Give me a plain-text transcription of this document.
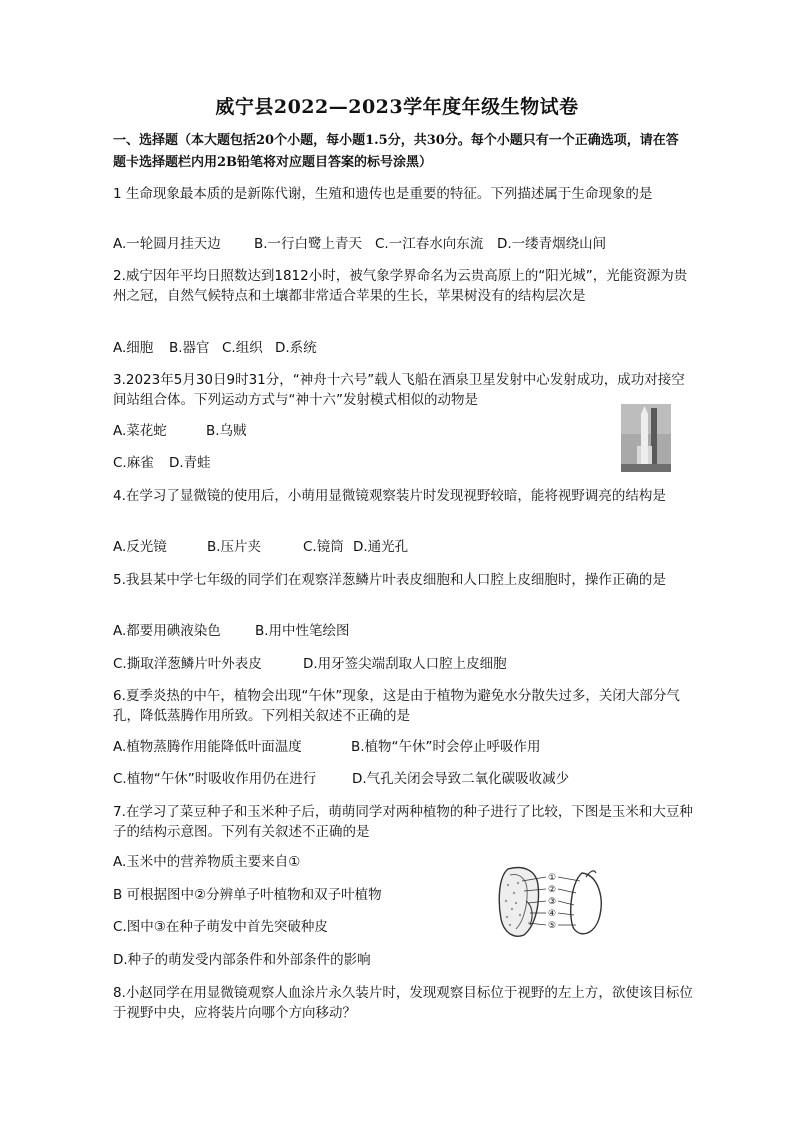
威宁县2022—2023学年度年级生物试卷
一、选择题（本大题包括20个小题，每小题1.5分，共30分。每个小题只有一个正确选项，请在答题卡选择题栏内用2B铅笔将对应题目答案的标号涂黑）
1 生命现象最本质的是新陈代谢，生殖和遗传也是重要的特征。下列描述属于生命现象的是
A.一轮圆月挂天边 B.一行白鹭上青天 C.一江春水向东流 D.一缕青烟绕山间
2.威宁因年平均日照数达到1812小时，被气象学界命名为云贵高原上的“阳光城”，光能资源为贵州之冠，自然气候特点和土壤都非常适合苹果的生长，苹果树没有的结构层次是
A.细胞 B.器官 C.组织 D.系统
3.2023年5月30日9时31分，“神舟十六号”载人飞船在酒泉卫星发射中心发射成功，成功对接空间站组合体。下列运动方式与“神十六”发射模式相似的动物是
A.菜花蛇	B.乌贼
C.麻雀 D.青蛙
4.在学习了显微镜的使用后，小萌用显微镜观察装片时发现视野较暗，能将视野调亮的结构是
A.反光镜	B.压片夹	C.镜筒 D.通光孔
5.我县某中学七年级的同学们在观察洋葱鳞片叶表皮细胞和人口腔上皮细胞时，操作正确的是
A.都要用碘液染色	B.用中性笔绘图
C.撕取洋葱鳞片叶外表皮	D.用牙签尖端刮取人口腔上皮细胞
6.夏季炎热的中午，植物会出现“午休”现象，这是由于植物为避免水分散失过多，关闭大部分气孔，降低蒸腾作用所致。下列相关叙述不正确的是
A.植物蒸腾作用能降低叶面温度	B.植物“午休”时会停止呼吸作用
C.植物“午休”时吸收作用仍在进行	D.气孔关闭会导致二氧化碳吸收减少
7.在学习了菜豆种子和玉米种子后，萌萌同学对两种植物的种子进行了比较，下图是玉米和大豆种子的结构示意图。下列有关叙述不正确的是
A.玉米中的营养物质主要来自①
B 可根据图中②分辨单子叶植物和双子叶植物
C.图中③在种子萌发中首先突破种皮
D.种子的萌发受内部条件和外部条件的影响
①
②
③
④
⑤
8.小赵同学在用显微镜观察人血涂片永久装片时，发现观察目标位于视野的左上方，欲使该目标位于视野中央，应将装片向哪个方向移动？
